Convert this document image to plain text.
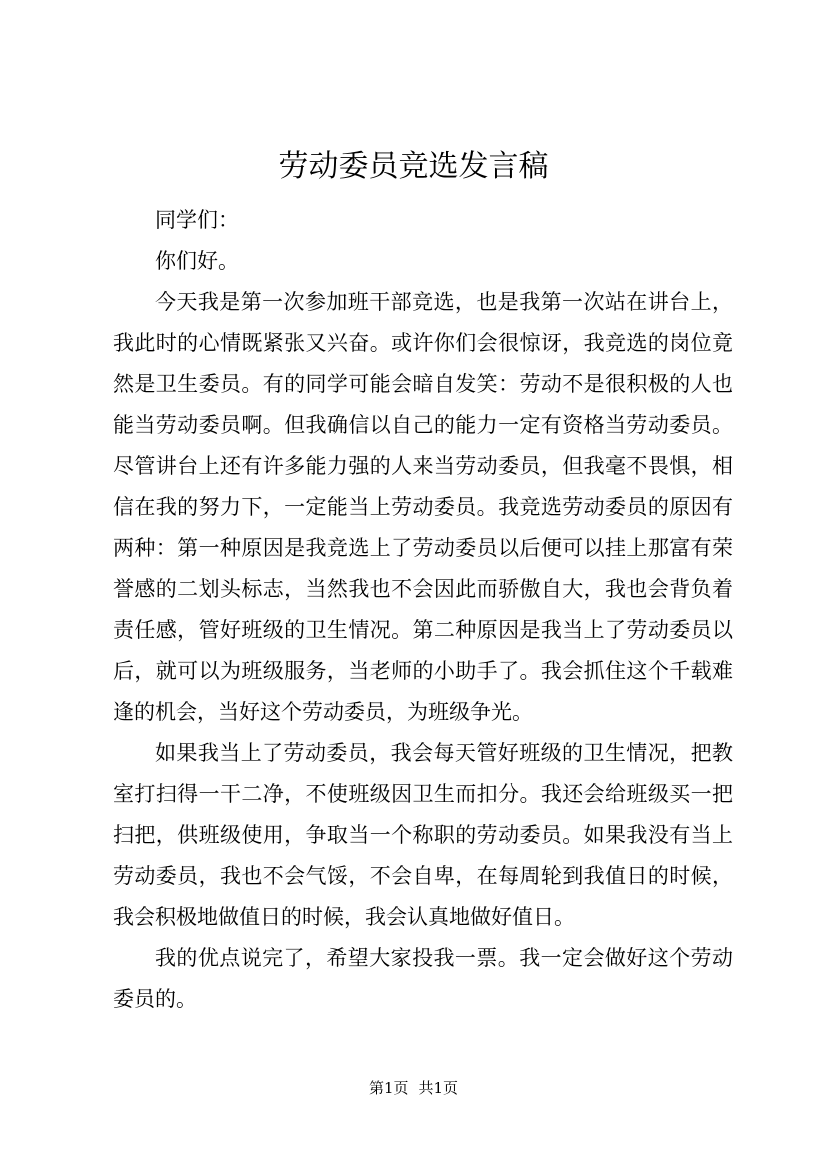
劳动委员竞选发言稿

同学们：

你们好。

今天我是第一次参加班干部竞选，也是我第一次站在讲台上，我此时的心情既紧张又兴奋。或许你们会很惊讶，我竞选的岗位竟然是卫生委员。有的同学可能会暗自发笑：劳动不是很积极的人也能当劳动委员啊。但我确信以自己的能力一定有资格当劳动委员。尽管讲台上还有许多能力强的人来当劳动委员，但我毫不畏惧，相信在我的努力下，一定能当上劳动委员。我竞选劳动委员的原因有两种：第一种原因是我竞选上了劳动委员以后便可以挂上那富有荣誉感的二划头标志，当然我也不会因此而骄傲自大，我也会背负着责任感，管好班级的卫生情况。第二种原因是我当上了劳动委员以后，就可以为班级服务，当老师的小助手了。我会抓住这个千载难逢的机会，当好这个劳动委员，为班级争光。

如果我当上了劳动委员，我会每天管好班级的卫生情况，把教室打扫得一干二净，不使班级因卫生而扣分。我还会给班级买一把扫把，供班级使用，争取当一个称职的劳动委员。如果我没有当上劳动委员，我也不会气馁，不会自卑，在每周轮到我值日的时候，我会积极地做值日的时候，我会认真地做好值日。

我的优点说完了，希望大家投我一票。我一定会做好这个劳动委员的。

第1页 共1页
